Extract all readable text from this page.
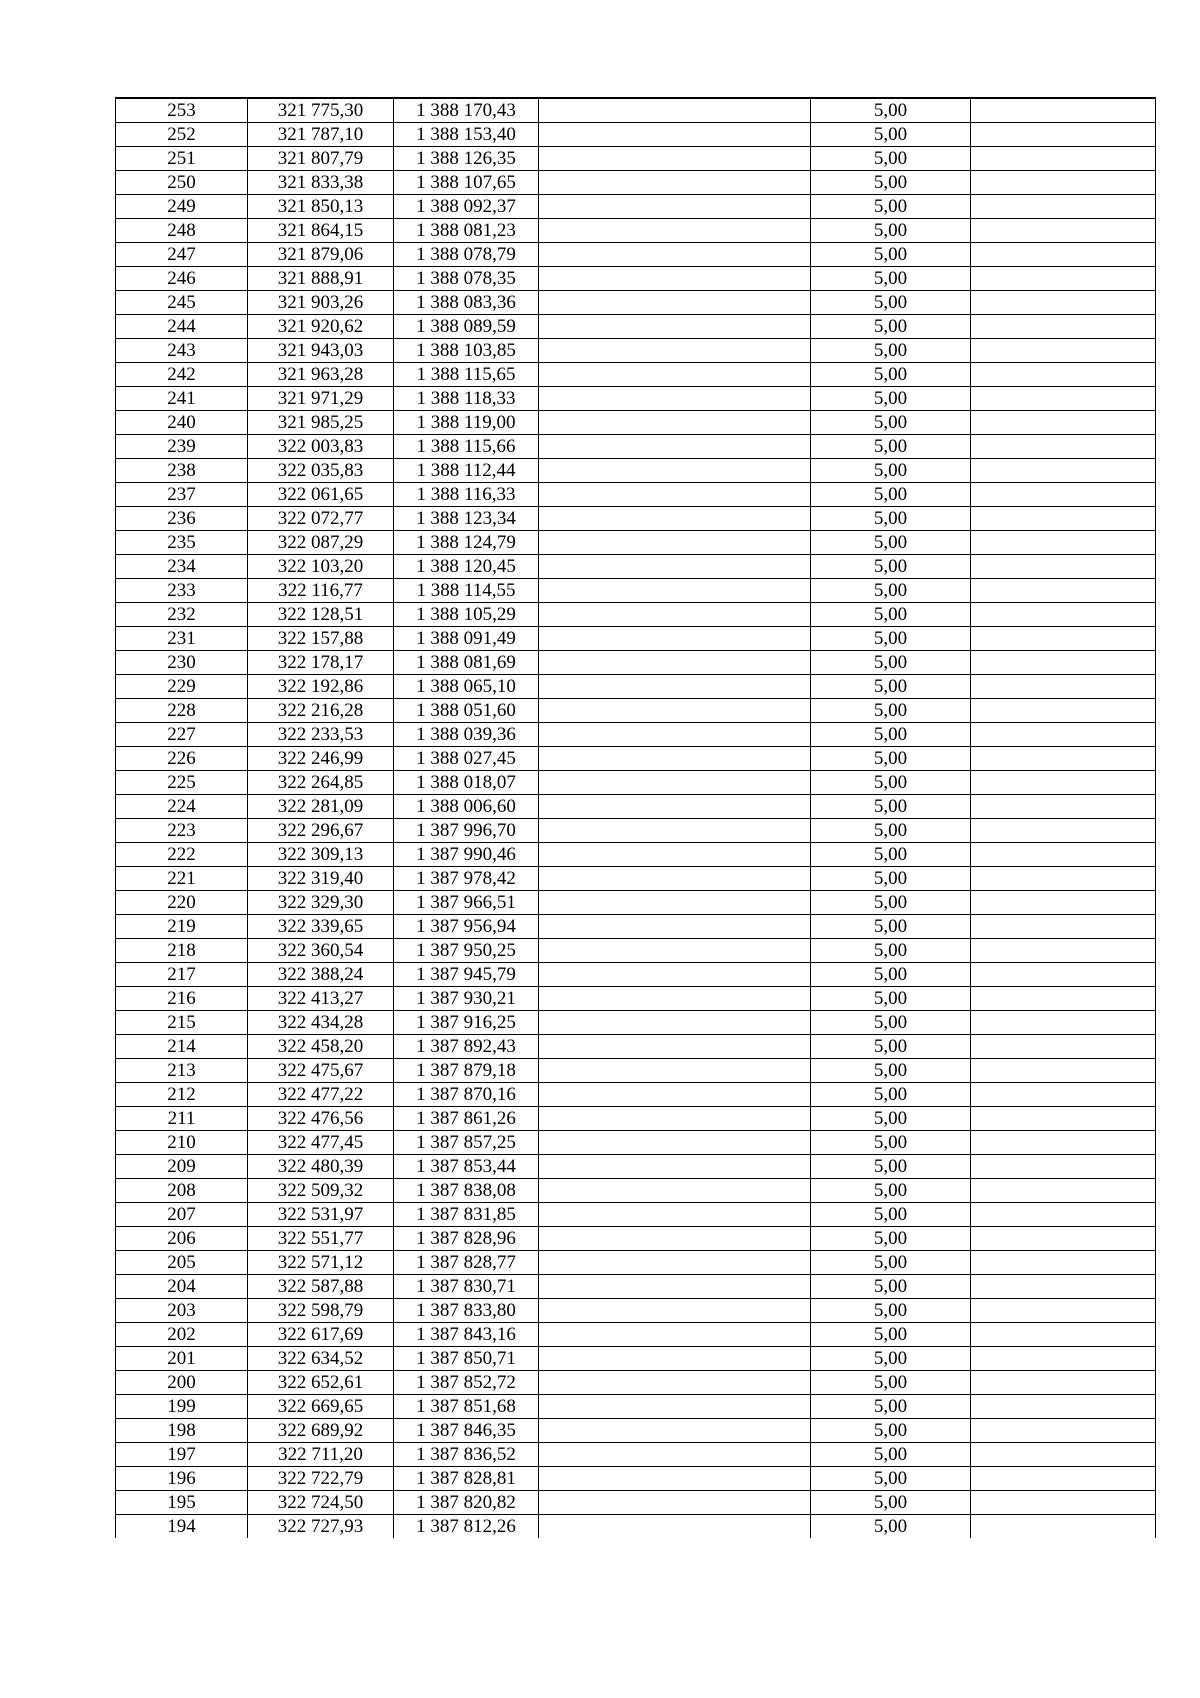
253	321 775,30	1 388 170,43		5,00	
252	321 787,10	1 388 153,40		5,00	
251	321 807,79	1 388 126,35		5,00	
250	321 833,38	1 388 107,65		5,00	
249	321 850,13	1 388 092,37		5,00	
248	321 864,15	1 388 081,23		5,00	
247	321 879,06	1 388 078,79		5,00	
246	321 888,91	1 388 078,35		5,00	
245	321 903,26	1 388 083,36		5,00	
244	321 920,62	1 388 089,59		5,00	
243	321 943,03	1 388 103,85		5,00	
242	321 963,28	1 388 115,65		5,00	
241	321 971,29	1 388 118,33		5,00	
240	321 985,25	1 388 119,00		5,00	
239	322 003,83	1 388 115,66		5,00	
238	322 035,83	1 388 112,44		5,00	
237	322 061,65	1 388 116,33		5,00	
236	322 072,77	1 388 123,34		5,00	
235	322 087,29	1 388 124,79		5,00	
234	322 103,20	1 388 120,45		5,00	
233	322 116,77	1 388 114,55		5,00	
232	322 128,51	1 388 105,29		5,00	
231	322 157,88	1 388 091,49		5,00	
230	322 178,17	1 388 081,69		5,00	
229	322 192,86	1 388 065,10		5,00	
228	322 216,28	1 388 051,60		5,00	
227	322 233,53	1 388 039,36		5,00	
226	322 246,99	1 388 027,45		5,00	
225	322 264,85	1 388 018,07		5,00	
224	322 281,09	1 388 006,60		5,00	
223	322 296,67	1 387 996,70		5,00	
222	322 309,13	1 387 990,46		5,00	
221	322 319,40	1 387 978,42		5,00	
220	322 329,30	1 387 966,51		5,00	
219	322 339,65	1 387 956,94		5,00	
218	322 360,54	1 387 950,25		5,00	
217	322 388,24	1 387 945,79		5,00	
216	322 413,27	1 387 930,21		5,00	
215	322 434,28	1 387 916,25		5,00	
214	322 458,20	1 387 892,43		5,00	
213	322 475,67	1 387 879,18		5,00	
212	322 477,22	1 387 870,16		5,00	
211	322 476,56	1 387 861,26		5,00	
210	322 477,45	1 387 857,25		5,00	
209	322 480,39	1 387 853,44		5,00	
208	322 509,32	1 387 838,08		5,00	
207	322 531,97	1 387 831,85		5,00	
206	322 551,77	1 387 828,96		5,00	
205	322 571,12	1 387 828,77		5,00	
204	322 587,88	1 387 830,71		5,00	
203	322 598,79	1 387 833,80		5,00	
202	322 617,69	1 387 843,16		5,00	
201	322 634,52	1 387 850,71		5,00	
200	322 652,61	1 387 852,72		5,00	
199	322 669,65	1 387 851,68		5,00	
198	322 689,92	1 387 846,35		5,00	
197	322 711,20	1 387 836,52		5,00	
196	322 722,79	1 387 828,81		5,00	
195	322 724,50	1 387 820,82		5,00	
194	322 727,93	1 387 812,26		5,00	
